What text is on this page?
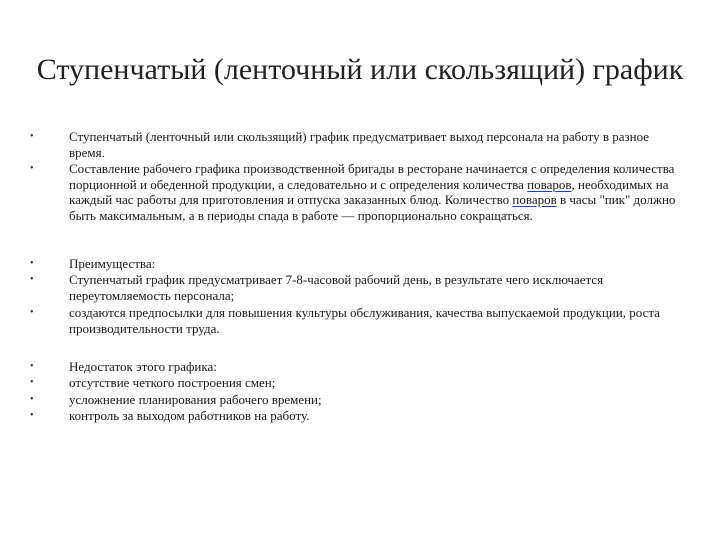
Ступенчатый (ленточный или скользящий) график
•	Ступенчатый (ленточный или скользящий) график предусматривает выход персонала на работу в разное время.
•	Составление рабочего графика производственной бригады в ресторане начинается с определения количества порционной и обеденной продукции, а следовательно и с определения количества поваров, необходимых на каждый час работы для приготовления и отпуска заказанных блюд. Количество поваров в часы "пик" должно быть максимальным, а в периоды спада в работе — пропорционально сокращаться.
•	Преимущества:
•	Ступенчатый график предусматривает 7-8-часовой рабочий день, в результате чего исключается переутомляемость персонала;
•	создаются предпосылки для повышения культуры обслуживания, качества выпускаемой продукции, роста производительности труда.
•	Недостаток этого графика:
•	отсутствие четкого построения смен;
•	усложнение планирования рабочего времени;
•	контроль за выходом работников на работу.
